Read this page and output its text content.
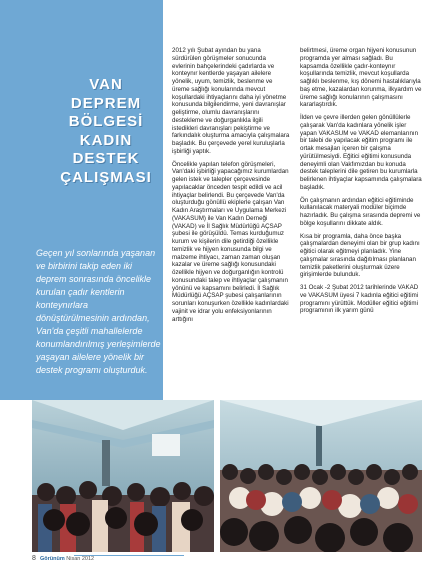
VAN
DEPREM
BÖLGESİ
KADIN
DESTEK
ÇALIŞMASI
Geçen yıl sonlarında yaşanan ve birbirini takip eden iki deprem sonrasında öncelikle kurulan çadır kentlerin konteynırlara dönüştürülmesinin ardından, Van'da çeşitli mahallelerde konumlandırılmış yerleşimlerde yaşayan ailelere yönelik bir destek programı oluşturduk.

2012 yılı Şubat ayından bu yana sürdürülen görüşmeler sonucunda evlerinin bahçelerindeki çadırlarda ve konteynır kentlerde yaşayan ailelere yönelik, uyum, temizlik, beslenme ve üreme sağlığı konularında mevcut koşullardaki ihtiyaçlarını daha iyi yönetme konusunda bilgilendirme, yeni davranışlar geliştirme, olumlu davranışlarını destekleme ve doğurganlıkla ilgili istedikleri davranışları pekiştirme ve farkındalık oluşturma amacıyla çalışmalara başladık. Bu çerçevede yerel kuruluşlarla işbirliği yaptık.

Öncelikle yapılan telefon görüşmeleri, Van'daki işbirliği yapacağımız kurumlardan gelen istek ve talepler çerçevesinde yapılacaklar önceden tespit edildi ve acil ihtiyaçlar belirlendi. Bu çerçevede Van'da oluşturduğu gönüllü ekiplerle çalışan Van Kadın Araştırmaları ve Uygulama Merkezi (VAKASUM) ile Van Kadın Derneği (VAKAD) ve İl Sağlık Müdürlüğü AÇSAP şubesi ile görüşüldü. Temas kurduğumuz kurum ve kişilerin dile getirdiği özellikle temizlik ve hijyen konusunda bilgi ve malzeme ihtiyacı, zaman zaman oluşan kazalar ve üreme sağlığı konusundaki özellikle hijyen ve doğurganlığın kontrolü konusundaki talep ve ihtiyaçlar çalışmanın yönünü ve kapsamını belirledi. İl Sağlık Müdürlüğü AÇSAP şubesi çalışanlarının sorunları konuşurken özellikle kadınlardaki vajinit ve idrar yolu enfeksiyonlarının arttığını

belirtmesi, üreme organ hijyeni konusunun programda yer alması sağladı. Bu kapsamda özellikle çadır-konteynır koşullarında temizlik, mevcut koşullarda sağlıklı beslenme, kış dönemi hastalıklarıyla baş etme, kazalardan korunma, ilkyardım ve üreme sağlığı konularının çalışmasını kararlaştırdık.

İlden ve çevre illerden gelen gönüllülerle çalışarak Van'da kadınlara yönelik işler yapan VAKASUM ve VAKAD elemanlarının bir talebi de yapılacak eğitim programı ile ortak mesajları içeren bir çalışma yürütülmesiydi. Eğitici eğitimi konusunda deneyimli olan Vakfımızdan bu konuda destek taleplerini dile getiren bu kurumlarla belirlenen ihtiyaçlar kapsamında çalışmalara başladık.

Ön çalışmanın ardından eğitici eğitiminde kullanılacak materyali modüler biçimde hazırladık. Bu çalışma sırasında depremi ve bölge koşullarını dikkate aldık.

Kısa bir programla, daha önce başka çalışmalardan deneyimi olan bir grup kadını eğitici olarak eğitmeyi planladık. Yine çalışmalar sırasında dağıtılması planlanan temizlik paketlerini oluşturmak üzere girişimlerde bulunduk.

31 Ocak -2 Şubat 2012 tarihlerinde VAKAD ve VAKASUM üyesi 7 kadınla eğitici eğitimi programını yürüttük. Modüller eğitici eğitimi programının ilk yarım günü

8 Görünüm Nisan 2012
